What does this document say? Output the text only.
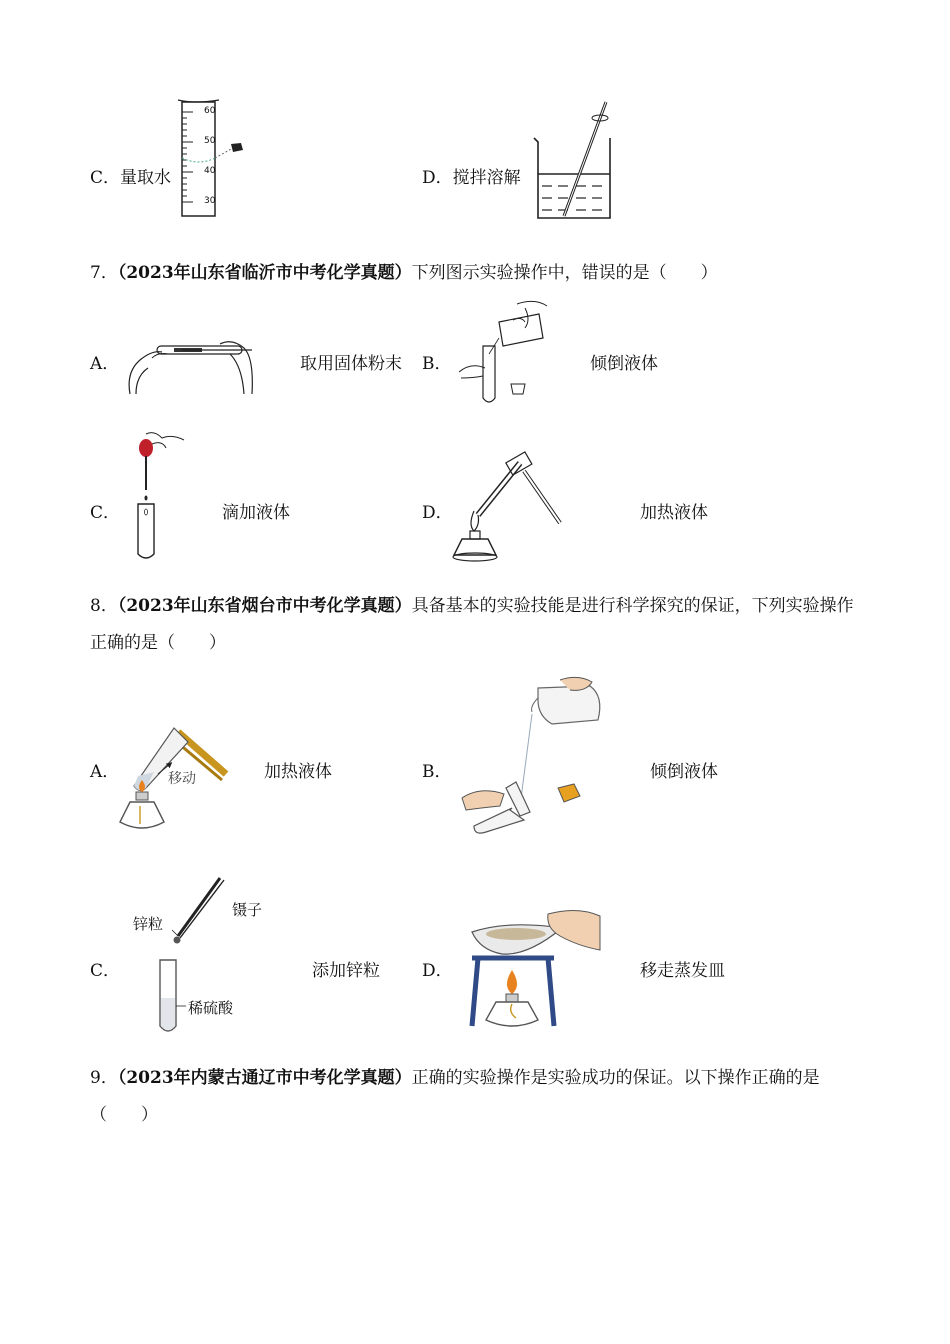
C．量取水
60
50
40
30
D．搅拌溶解
7．（2023年山东省临沂市中考化学真题）下列图示实验操作中，错误的是（　　）
A．	取用固体粉末 B．	倾倒液体
C．	滴加液体	D．	加热液体
8．（2023年山东省烟台市中考化学真题）具备基本的实验技能是进行科学探究的保证，下列实验操作正确的是（　　）
A．	移动	加热液体	B．	倾倒液体
C．
锌粒
镊子
稀硫酸
添加锌粒 D．	移走蒸发皿
9．（2023年内蒙古通辽市中考化学真题）正确的实验操作是实验成功的保证。以下操作正确的是（　　）
